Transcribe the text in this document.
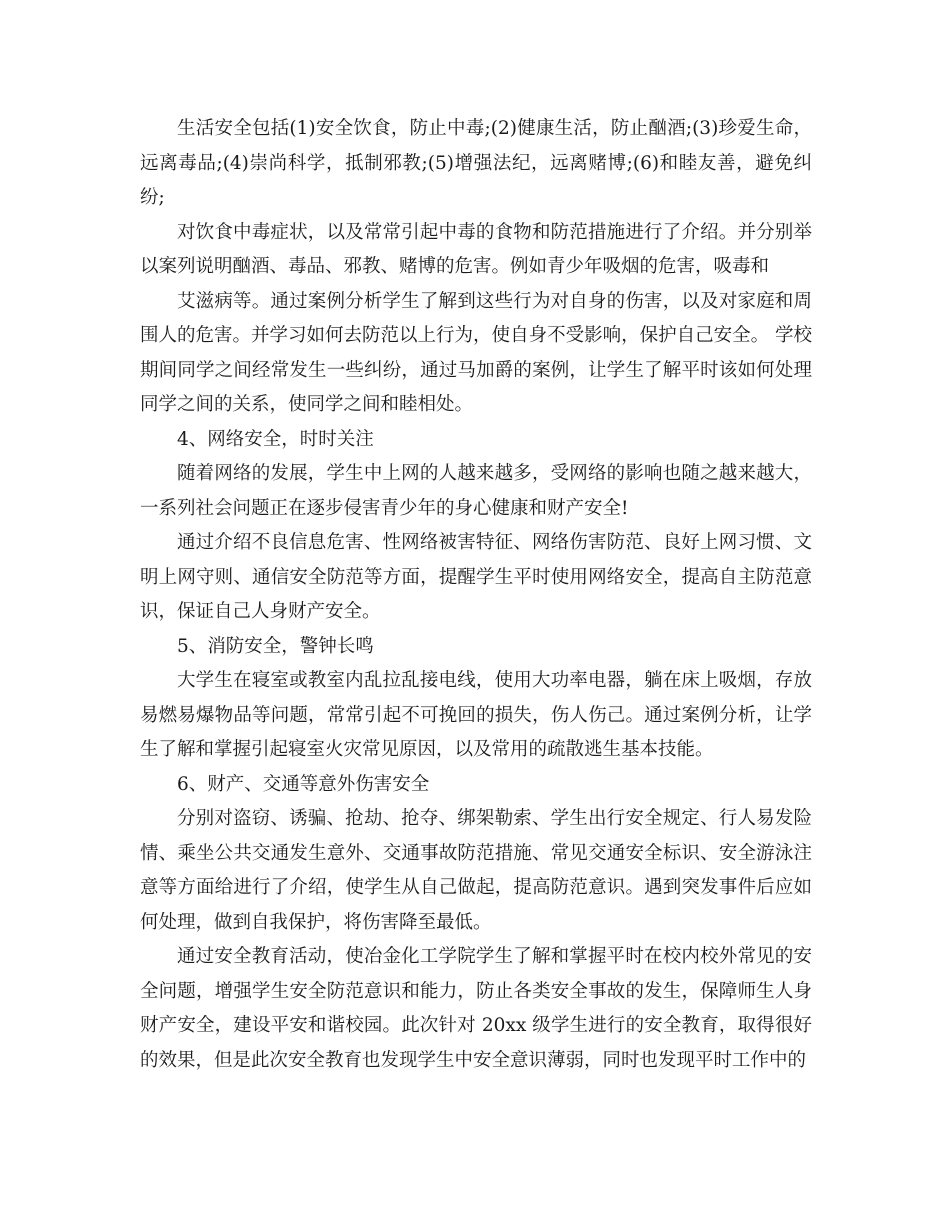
生活安全包括(1)安全饮食，防止中毒;(2)健康生活，防止酗酒;(3)珍爱生命，远离毒品;(4)崇尚科学，抵制邪教;(5)增强法纪，远离赌博;(6)和睦友善，避免纠纷;

对饮食中毒症状，以及常常引起中毒的食物和防范措施进行了介绍。并分别举以案列说明酗酒、毒品、邪教、赌博的危害。例如青少年吸烟的危害，吸毒和

艾滋病等。通过案例分析学生了解到这些行为对自身的伤害，以及对家庭和周围人的危害。并学习如何去防范以上行为，使自身不受影响，保护自己安全。 学校期间同学之间经常发生一些纠纷，通过马加爵的案例，让学生了解平时该如何处理同学之间的关系，使同学之间和睦相处。

4、网络安全，时时关注

随着网络的发展，学生中上网的人越来越多，受网络的影响也随之越来越大，一系列社会问题正在逐步侵害青少年的身心健康和财产安全!

通过介绍不良信息危害、性网络被害特征、网络伤害防范、良好上网习惯、文明上网守则、通信安全防范等方面，提醒学生平时使用网络安全，提高自主防范意识，保证自己人身财产安全。

5、消防安全，警钟长鸣

大学生在寝室或教室内乱拉乱接电线，使用大功率电器，躺在床上吸烟，存放易燃易爆物品等问题，常常引起不可挽回的损失，伤人伤己。通过案例分析，让学生了解和掌握引起寝室火灾常见原因，以及常用的疏散逃生基本技能。

6、财产、交通等意外伤害安全

分别对盗窃、诱骗、抢劫、抢夺、绑架勒索、学生出行安全规定、行人易发险情、乘坐公共交通发生意外、交通事故防范措施、常见交通安全标识、安全游泳注意等方面给进行了介绍，使学生从自己做起，提高防范意识。遇到突发事件后应如何处理，做到自我保护，将伤害降至最低。

通过安全教育活动，使冶金化工学院学生了解和掌握平时在校内校外常见的安全问题，增强学生安全防范意识和能力，防止各类安全事故的发生，保障师生人身财产安全，建设平安和谐校园。此次针对 20xx 级学生进行的安全教育，取得很好的效果，但是此次安全教育也发现学生中安全意识薄弱，同时也发现平时工作中的
